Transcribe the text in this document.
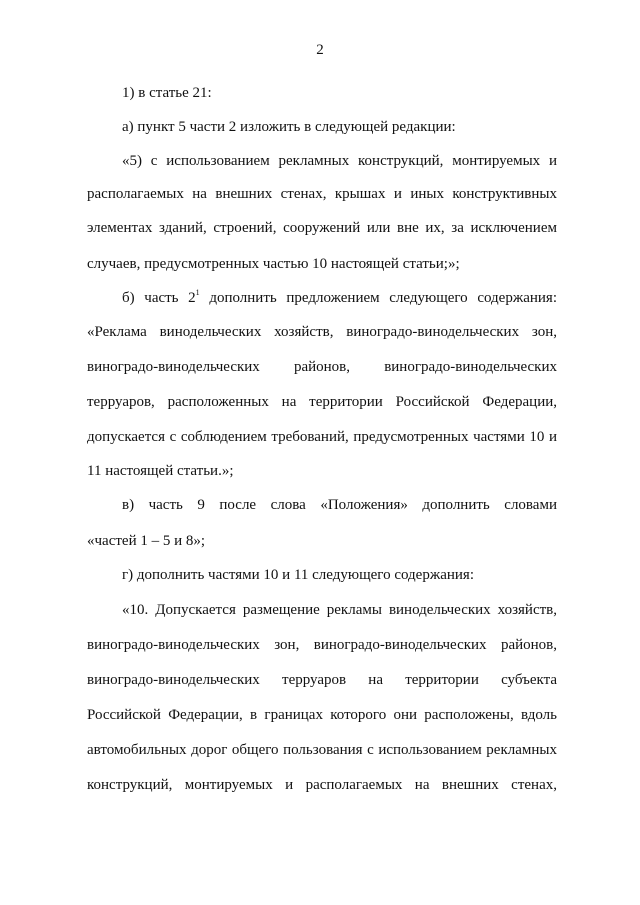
2
1) в статье 21:
а) пункт 5 части 2 изложить в следующей редакции:
«5) с использованием рекламных конструкций, монтируемых и
располагаемых на внешних стенах, крышах и иных конструктивных
элементах зданий, строений, сооружений или вне их, за исключением
случаев, предусмотренных частью 10 настоящей статьи;»;
б) часть $2^1$ дополнить предложением следующего содержания:
«Реклама винодельческих хозяйств, виноградо-винодельческих зон,
виноградо-винодельческих районов, виноградо-винодельческих
терруаров, расположенных на территории Российской Федерации,
допускается с соблюдением требований, предусмотренных частями 10 и
11 настоящей статьи.»;
в) часть 9 после слова «Положения» дополнить словами
«частей 1 – 5 и 8»;
г) дополнить частями 10 и 11 следующего содержания:
«10. Допускается размещение рекламы винодельческих хозяйств,
виноградо-винодельческих зон, виноградо-винодельческих районов,
виноградо-винодельческих терруаров на территории субъекта
Российской Федерации, в границах которого они расположены, вдоль
автомобильных дорог общего пользования с использованием рекламных
конструкций, монтируемых и располагаемых на внешних стенах,
